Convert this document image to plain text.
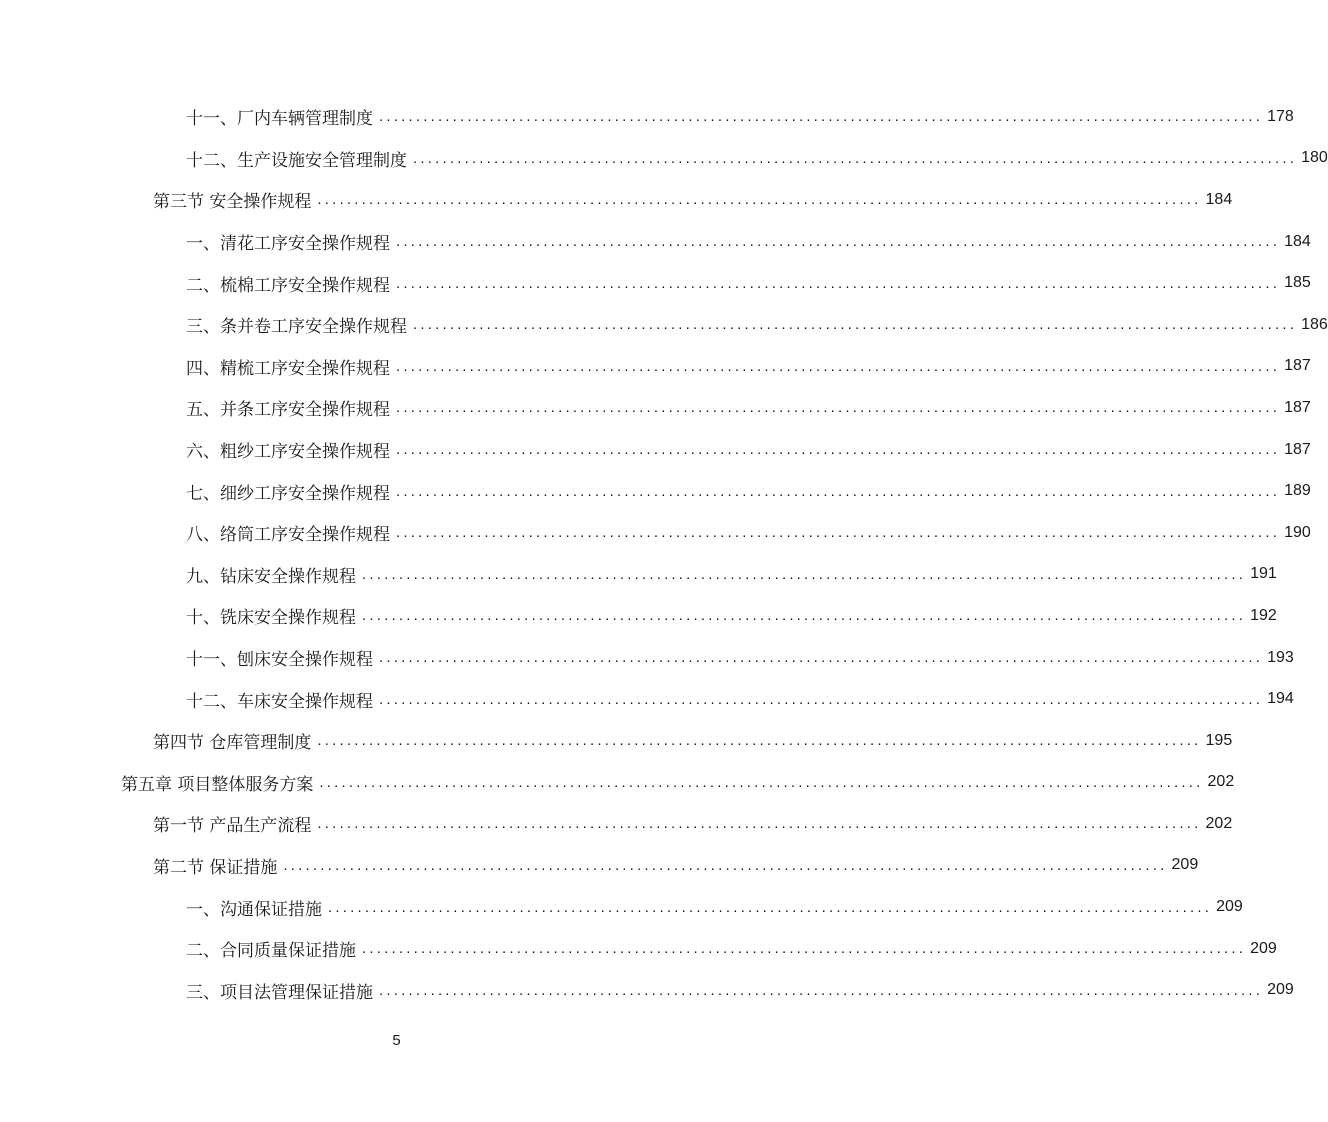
十一、厂内车辆管理制度 ........................................................................................................................ 178
十二、生产设施安全管理制度 ........................................................................................................................ 180
第三节 安全操作规程 ........................................................................................................................ 184
一、清花工序安全操作规程 ........................................................................................................................ 184
二、梳棉工序安全操作规程 ........................................................................................................................ 185
三、条并卷工序安全操作规程 ........................................................................................................................ 186
四、精梳工序安全操作规程 ........................................................................................................................ 187
五、并条工序安全操作规程 ........................................................................................................................ 187
六、粗纱工序安全操作规程 ........................................................................................................................ 187
七、细纱工序安全操作规程 ........................................................................................................................ 189
八、络筒工序安全操作规程 ........................................................................................................................ 190
九、钻床安全操作规程 ........................................................................................................................ 191
十、铣床安全操作规程 ........................................................................................................................ 192
十一、刨床安全操作规程 ........................................................................................................................ 193
十二、车床安全操作规程 ........................................................................................................................ 194
第四节 仓库管理制度 ........................................................................................................................ 195
第五章 项目整体服务方案 ........................................................................................................................ 202
第一节 产品生产流程 ........................................................................................................................ 202
第二节 保证措施 ........................................................................................................................ 209
一、沟通保证措施 ........................................................................................................................ 209
二、合同质量保证措施 ........................................................................................................................ 209
三、项目法管理保证措施 ........................................................................................................................ 209
5
